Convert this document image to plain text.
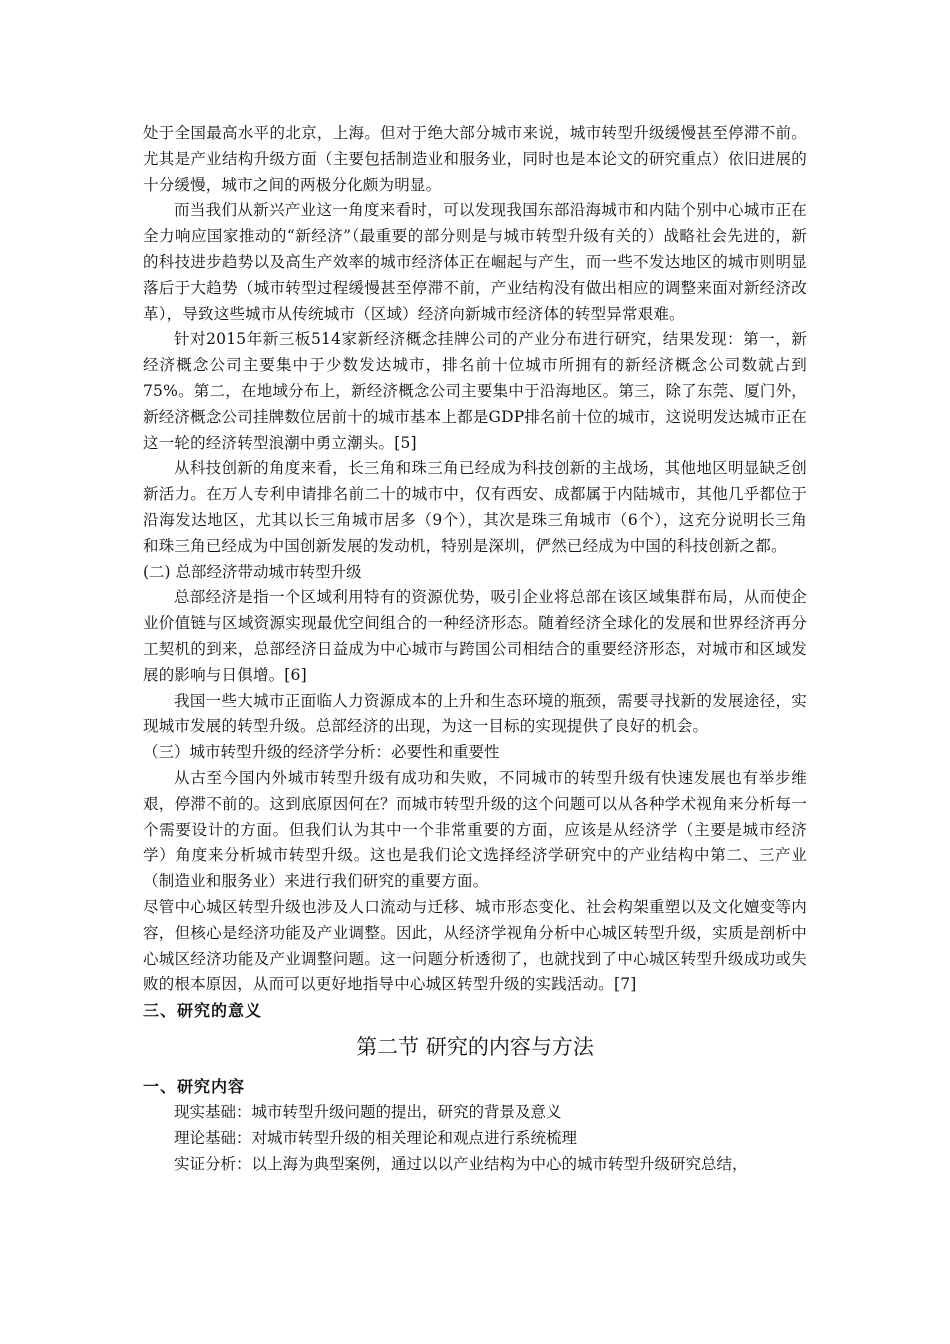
处于全国最高水平的北京，上海。但对于绝大部分城市来说，城市转型升级缓慢甚至停滞不前。尤其是产业结构升级方面（主要包括制造业和服务业，同时也是本论文的研究重点）依旧进展的十分缓慢，城市之间的两极分化颇为明显。

而当我们从新兴产业这一角度来看时，可以发现我国东部沿海城市和内陆个别中心城市正在全力响应国家推动的“新经济”（最重要的部分则是与城市转型升级有关的）战略社会先进的，新的科技进步趋势以及高生产效率的城市经济体正在崛起与产生，而一些不发达地区的城市则明显落后于大趋势（城市转型过程缓慢甚至停滞不前，产业结构没有做出相应的调整来面对新经济改革），导致这些城市从传统城市（区域）经济向新城市经济体的转型异常艰难。

针对2015年新三板514家新经济概念挂牌公司的产业分布进行研究，结果发现：第一，新经济概念公司主要集中于少数发达城市，排名前十位城市所拥有的新经济概念公司数就占到75%。第二，在地域分布上，新经济概念公司主要集中于沿海地区。第三，除了东莞、厦门外，新经济概念公司挂牌数位居前十的城市基本上都是GDP排名前十位的城市，这说明发达城市正在这一轮的经济转型浪潮中勇立潮头。[5]

从科技创新的角度来看，长三角和珠三角已经成为科技创新的主战场，其他地区明显缺乏创新活力。在万人专利申请排名前二十的城市中，仅有西安、成都属于内陆城市，其他几乎都位于沿海发达地区，尤其以长三角城市居多（9个），其次是珠三角城市（6个），这充分说明长三角和珠三角已经成为中国创新发展的发动机，特别是深圳，俨然已经成为中国的科技创新之都。

(二) 总部经济带动城市转型升级

总部经济是指一个区域利用特有的资源优势，吸引企业将总部在该区域集群布局，从而使企业价值链与区域资源实现最优空间组合的一种经济形态。随着经济全球化的发展和世界经济再分工契机的到来，总部经济日益成为中心城市与跨国公司相结合的重要经济形态，对城市和区域发展的影响与日俱增。[6]

我国一些大城市正面临人力资源成本的上升和生态环境的瓶颈，需要寻找新的发展途径，实现城市发展的转型升级。总部经济的出现，为这一目标的实现提供了良好的机会。

（三）城市转型升级的经济学分析：必要性和重要性

从古至今国内外城市转型升级有成功和失败，不同城市的转型升级有快速发展也有举步维艰，停滞不前的。这到底原因何在？而城市转型升级的这个问题可以从各种学术视角来分析每一个需要设计的方面。但我们认为其中一个非常重要的方面，应该是从经济学（主要是城市经济学）角度来分析城市转型升级。这也是我们论文选择经济学研究中的产业结构中第二、三产业（制造业和服务业）来进行我们研究的重要方面。

尽管中心城区转型升级也涉及人口流动与迁移、城市形态变化、社会构架重塑以及文化嬗变等内容，但核心是经济功能及产业调整。因此，从经济学视角分析中心城区转型升级，实质是剖析中心城区经济功能及产业调整问题。这一问题分析透彻了，也就找到了中心城区转型升级成功或失败的根本原因，从而可以更好地指导中心城区转型升级的实践活动。[7]

三、研究的意义

第二节 研究的内容与方法

一、研究内容

现实基础：城市转型升级问题的提出，研究的背景及意义

理论基础：对城市转型升级的相关理论和观点进行系统梳理

实证分析：以上海为典型案例，通过以以产业结构为中心的城市转型升级研究总结，
